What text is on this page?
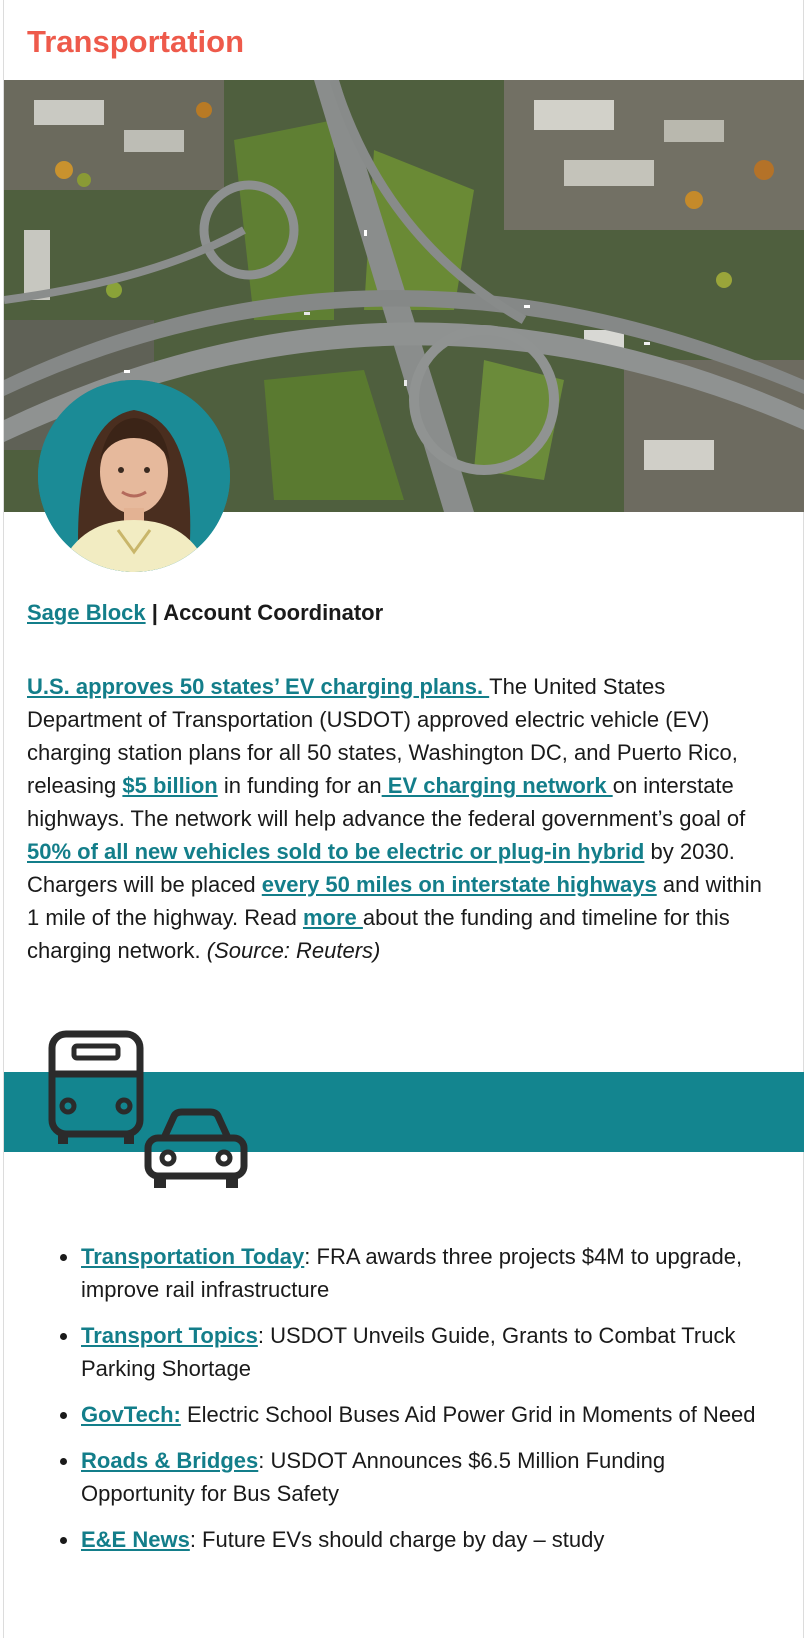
Transportation
Sage Block | Account Coordinator

U.S. approves 50 states’ EV charging plans. The United States Department of Transportation (USDOT) approved electric vehicle (EV) charging station plans for all 50 states, Washington DC, and Puerto Rico, releasing $5 billion in funding for an EV charging network on interstate highways. The network will help advance the federal government’s goal of 50% of all new vehicles sold to be electric or plug-in hybrid by 2030. Chargers will be placed every 50 miles on interstate highways and within 1 mile of the highway. Read more about the funding and timeline for this charging network. (Source: Reuters)

Transportation Today: FRA awards three projects $4M to upgrade, improve rail infrastructure
Transport Topics: USDOT Unveils Guide, Grants to Combat Truck Parking Shortage
GovTech: Electric School Buses Aid Power Grid in Moments of Need
Roads & Bridges: USDOT Announces $6.5 Million Funding Opportunity for Bus Safety
E&E News: Future EVs should charge by day – study
